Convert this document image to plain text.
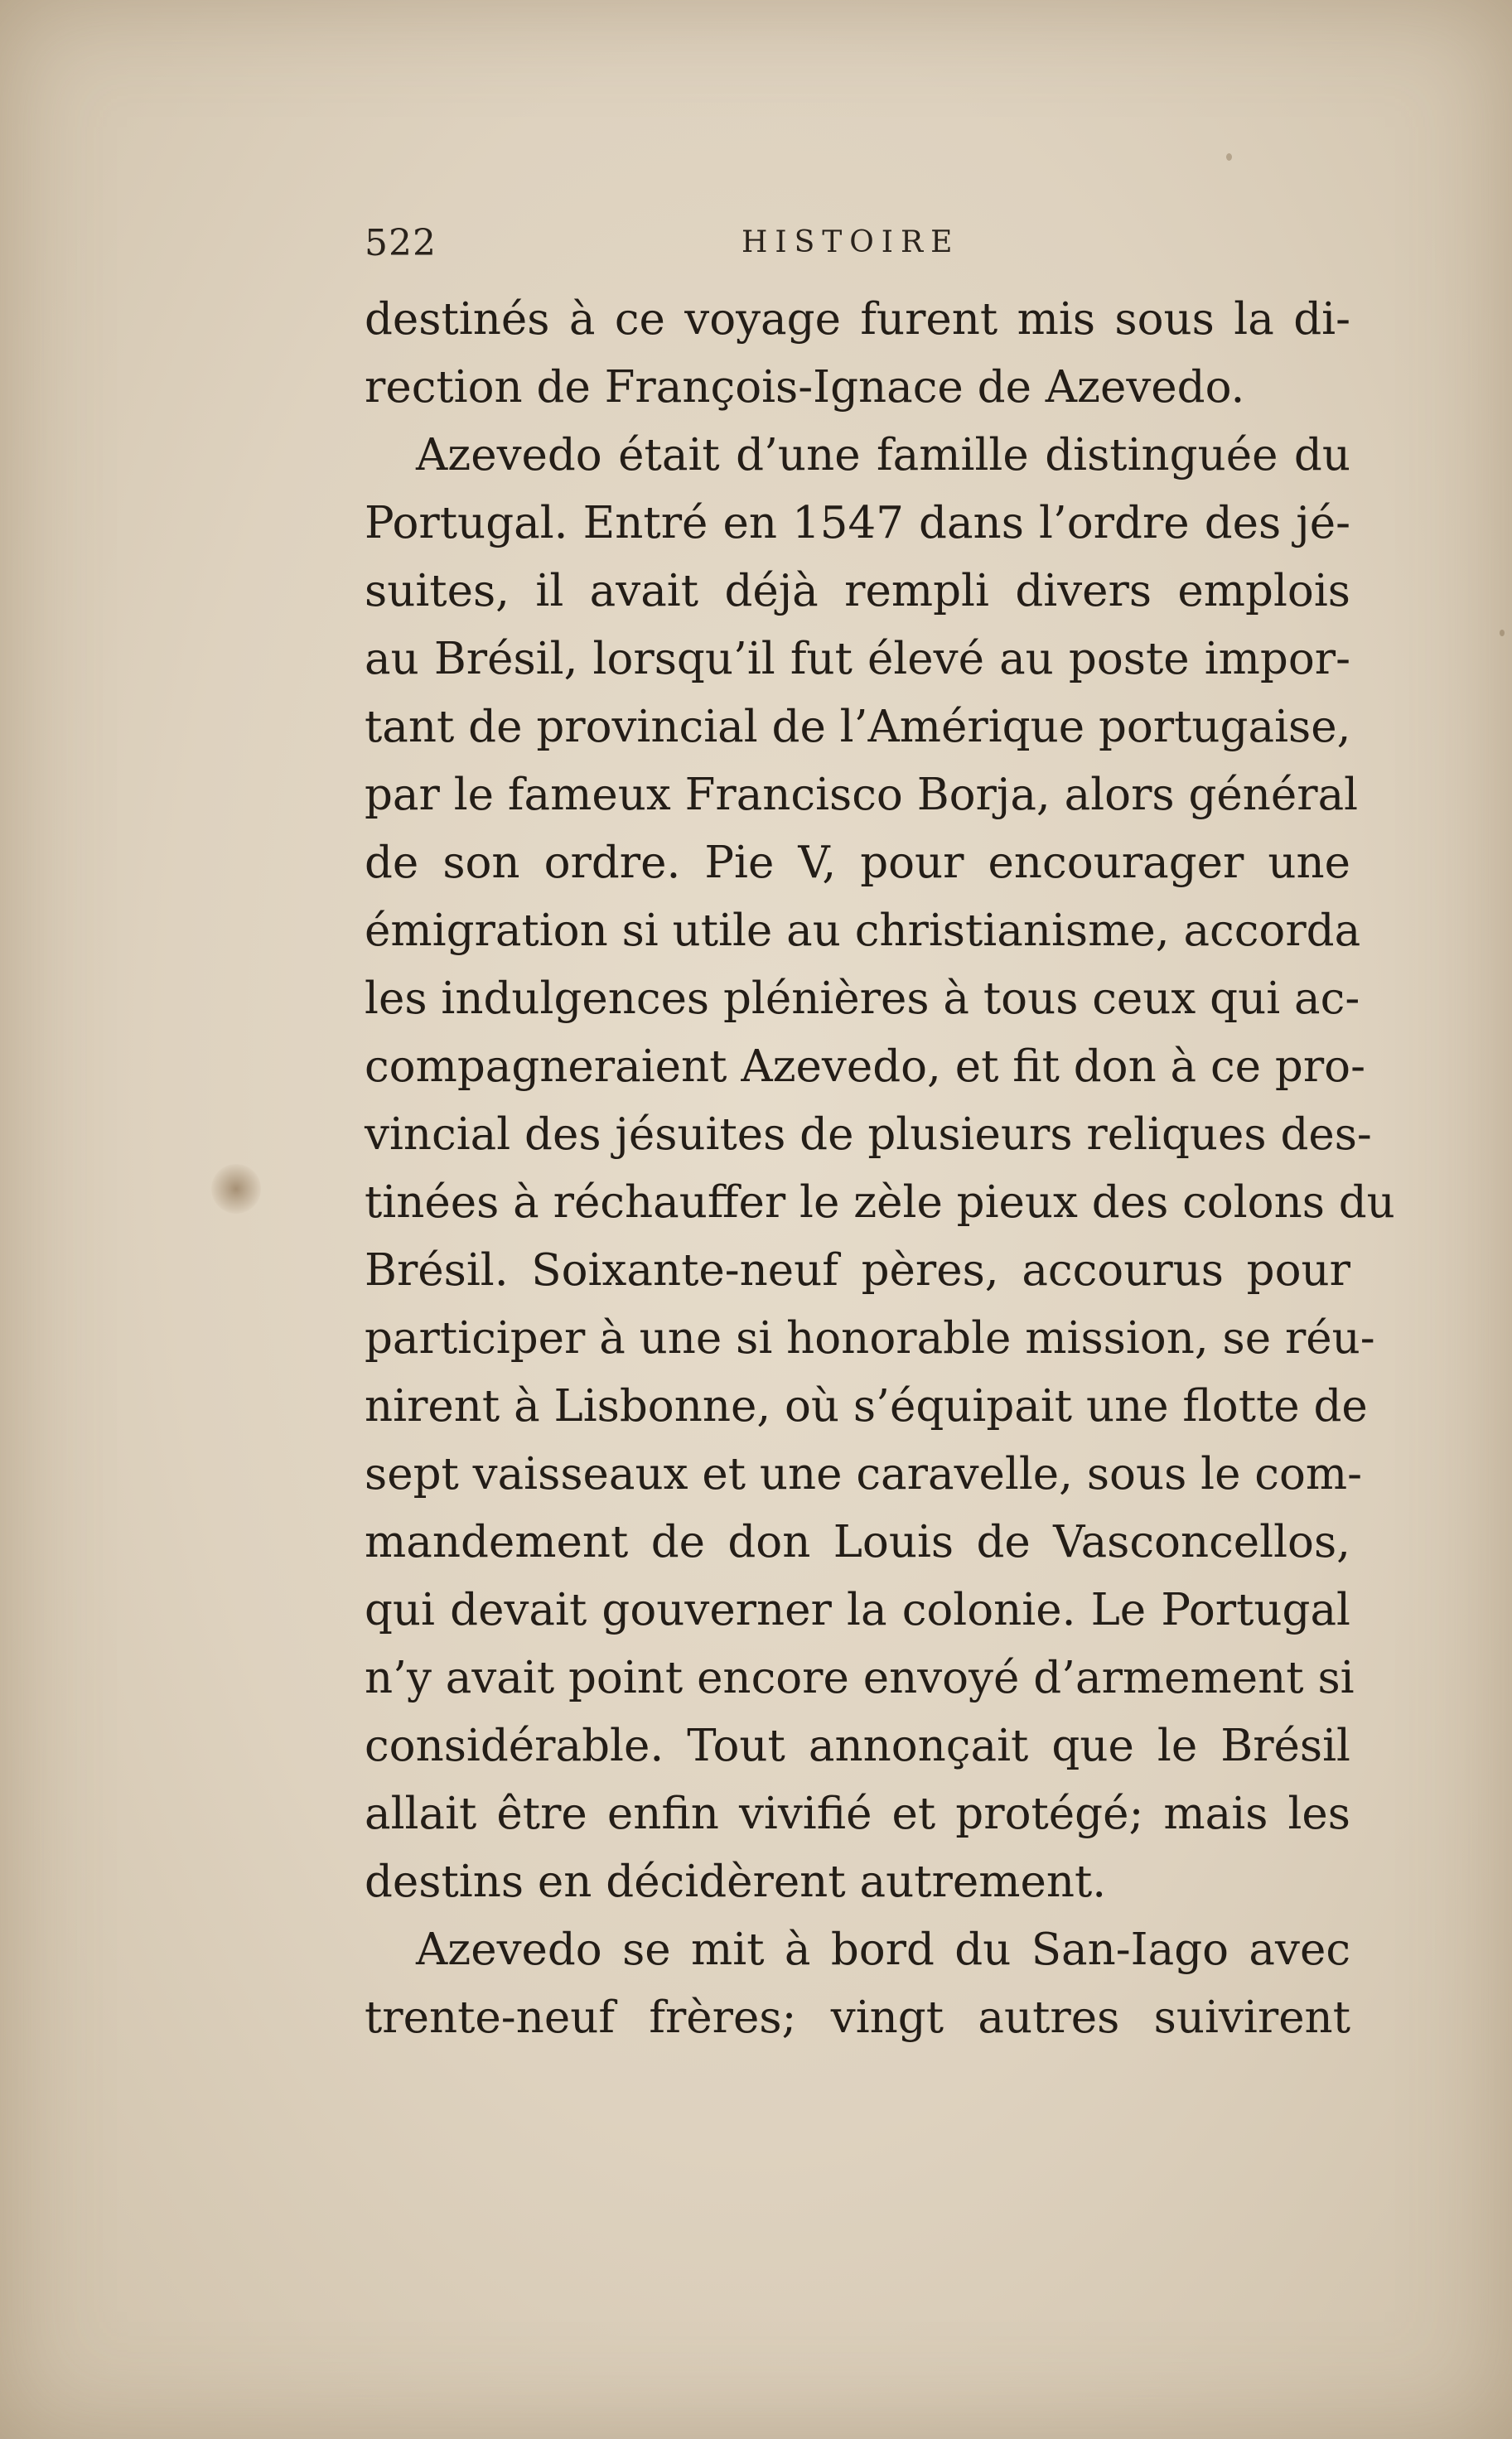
522	HISTOIRE
destinés à ce voyage furent mis sous la di-
rection de François-Ignace de Azevedo.
Azevedo était d’une famille distinguée du
Portugal. Entré en 1547 dans l’ordre des jé-
suites, il avait déjà rempli divers emplois
au Brésil, lorsqu’il fut élevé au poste impor-
tant de provincial de l’Amérique portugaise,
par le fameux Francisco Borja, alors général
de son ordre. Pie V, pour encourager une
émigration si utile au christianisme, accorda
les indulgences plénières à tous ceux qui ac-
compagneraient Azevedo, et fit don à ce pro-
vincial des jésuites de plusieurs reliques des-
tinées à réchauffer le zèle pieux des colons du
Brésil. Soixante-neuf pères, accourus pour
participer à une si honorable mission, se réu-
nirent à Lisbonne, où s’équipait une flotte de
sept vaisseaux et une caravelle, sous le com-
mandement de don Louis de Vasconcellos,
qui devait gouverner la colonie. Le Portugal
n’y avait point encore envoyé d’armement si
considérable. Tout annonçait que le Brésil
allait être enfin vivifié et protégé; mais les
destins en décidèrent autrement.
Azevedo se mit à bord du San-Iago avec
trente-neuf frères; vingt autres suivirent
